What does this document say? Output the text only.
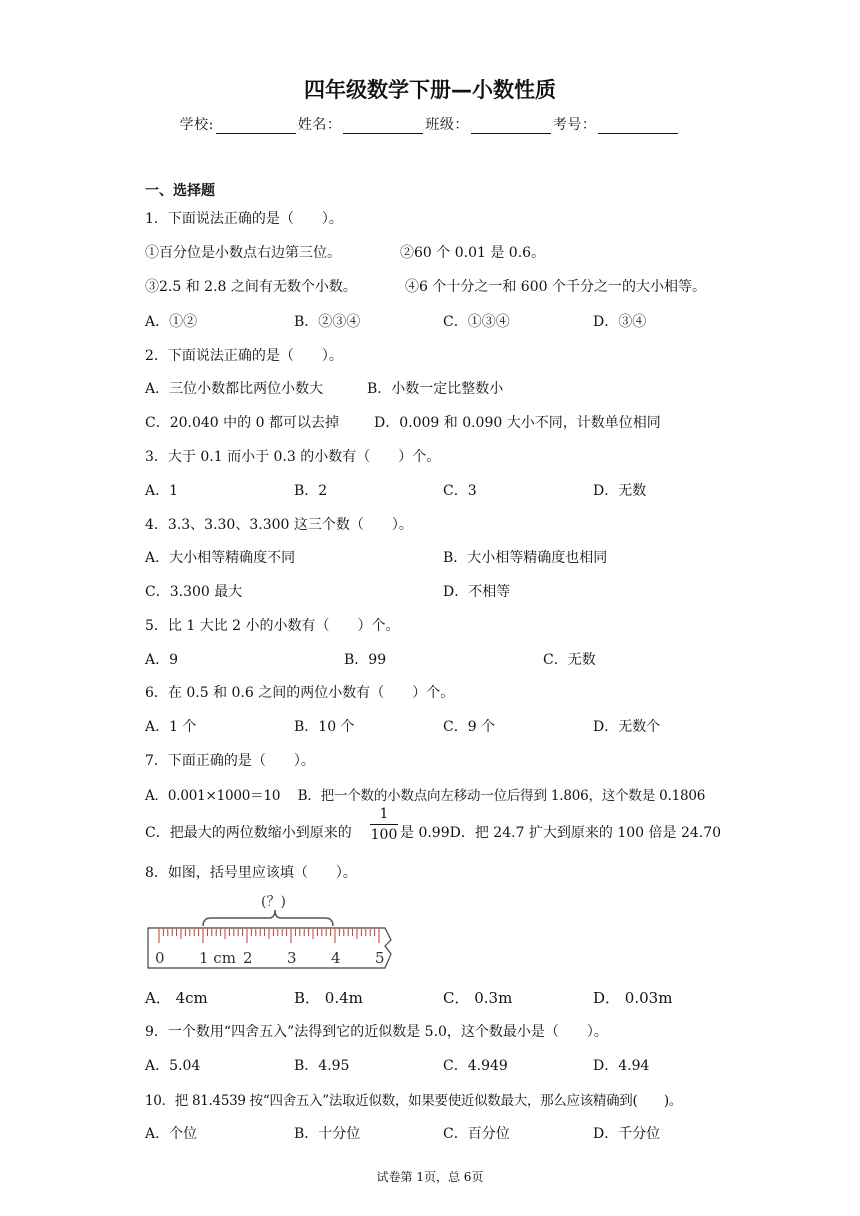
四年级数学下册—小数性质
学校:	姓名：	班级：	考号：
一、选择题
1．下面说法正确的是（　　）。
①百分位是小数点右边第三位。	②60 个 0.01 是 0.6。
③2.5 和 2.8 之间有无数个小数。	④6 个十分之一和 600 个千分之一的大小相等。
A．①②	B．②③④	C．①③④	D．③④
2．下面说法正确的是（　　）。
A．三位小数都比两位小数大	B．小数一定比整数小
C．20.040 中的 0 都可以去掉	D．0.009 和 0.090 大小不同，计数单位相同
3．大于 0.1 而小于 0.3 的小数有（　　）个。
A．1	B．2	C．3	D．无数
4．3.3、3.30、3.300 这三个数（　　）。
A．大小相等精确度不同	B．大小相等精确度也相同
C．3.300 最大	D．不相等
5．比 1 大比 2 小的小数有（　　）个。
A．9	B．99	C．无数
6．在 0.5 和 0.6 之间的两位小数有（　　）个。
A．1 个	B．10 个	C．9 个	D．无数个
7．下面正确的是（　　）。
A．0.001×1000＝10　 B．把一个数的小数点向左移动一位后得到 1.806，这个数是 0.1806
C．把最大的两位数缩小到原来的 $\frac{1}{100}$ 是 0.99D．把 24.7 扩大到原来的 100 倍是 24.70
8．如图，括号里应该填（　　）。
(？)
0 1 cm 2 3 4 5
A． 4cm	B． 0.4m	C． 0.3m	D． 0.03m
9．一个数用“四舍五入”法得到它的近似数是 5.0，这个数最小是（　　）。
A．5.04	B．4.95	C．4.949	D．4.94
10．把 81.4539 按“四舍五入”法取近似数，如果要使近似数最大，那么应该精确到(　　)。
A．个位	B．十分位	C．百分位	D．千分位
试卷第 1页，总 6页
